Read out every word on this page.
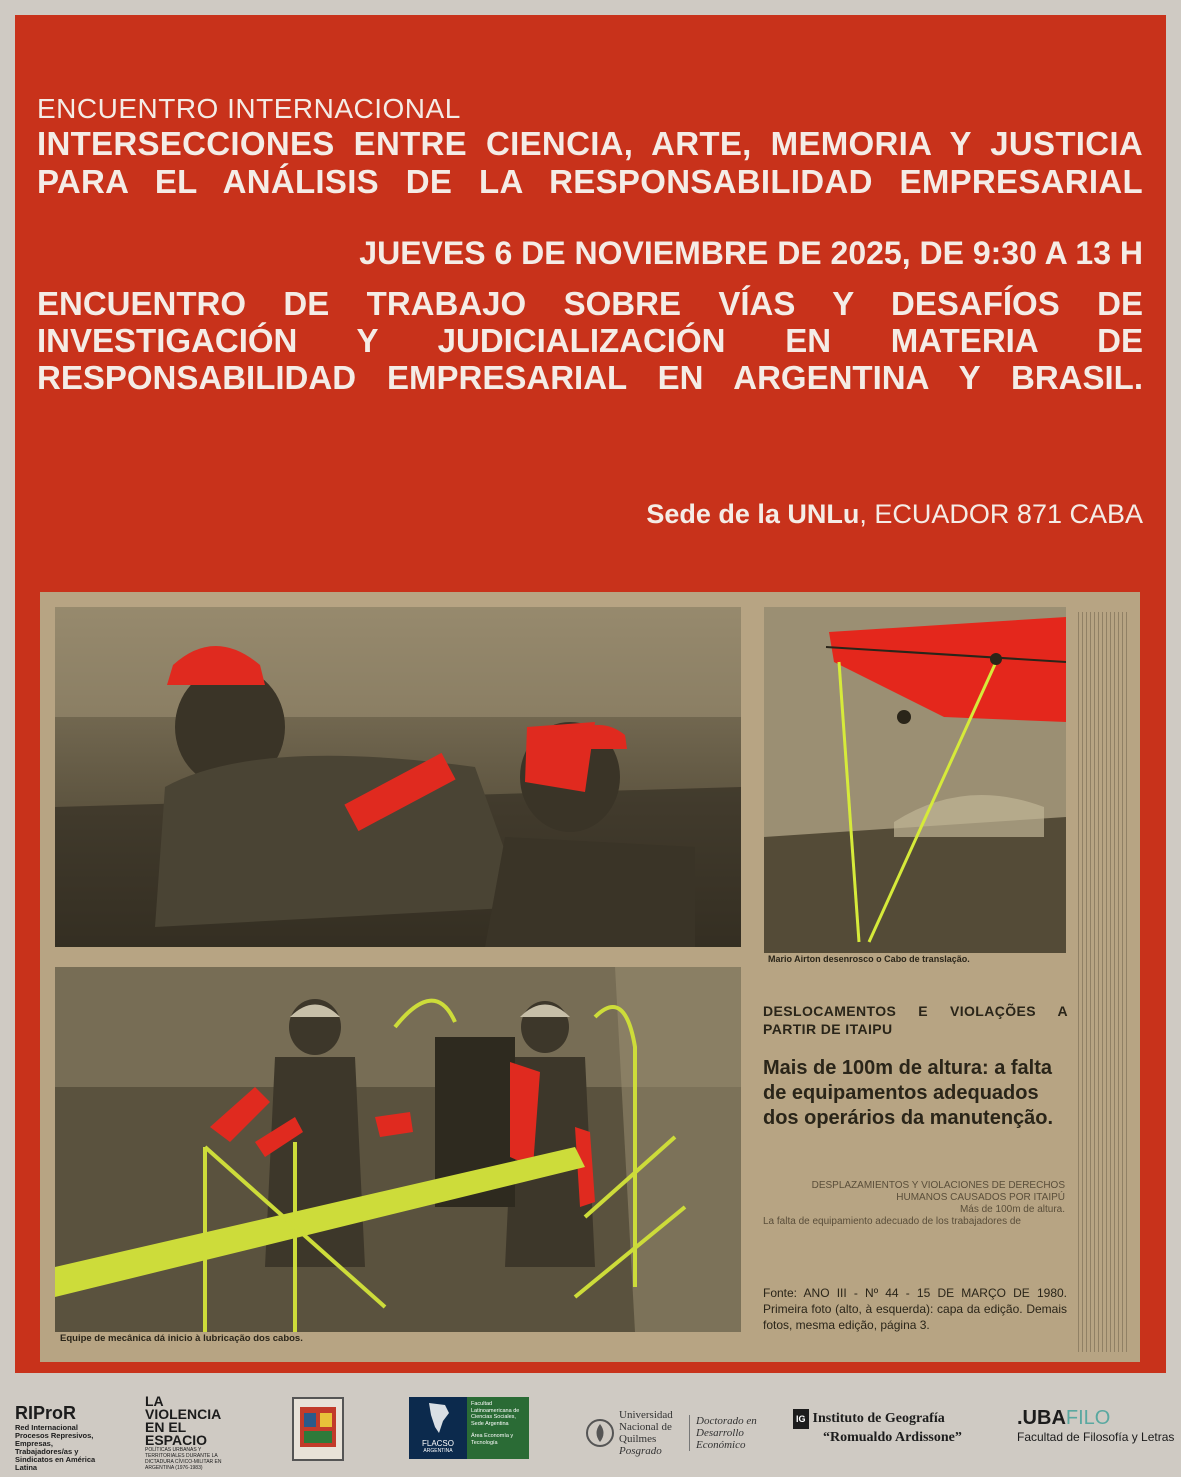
ENCUENTRO INTERNACIONAL
INTERSECCIONES ENTRE CIENCIA, ARTE, MEMORIA Y JUSTICIA
PARA EL ANÁLISIS DE LA RESPONSABILIDAD EMPRESARIAL
JUEVES 6 DE NOVIEMBRE DE 2025, DE 9:30 A 13 H
ENCUENTRO DE TRABAJO SOBRE VÍAS Y DESAFÍOS DE
INVESTIGACIÓN Y JUDICIALIZACIÓN EN MATERIA DE
RESPONSABILIDAD EMPRESARIAL EN ARGENTINA Y BRASIL.
Sede de la UNLu, ECUADOR 871 CABA
Mario Airton desenrosco o Cabo de translação.
Equipe de mecânica dá inicio à lubricação dos cabos.
DESLOCAMENTOS E VIOLAÇÕES A PARTIR DE ITAIPU
Mais de 100m de altura: a falta de equipamentos adequados dos operários da manutenção.
DESPLAZAMIENTOS Y VIOLACIONES DE DERECHOS
HUMANOS CAUSADOS POR ITAIPÚ
Más de 100m de altura.
La falta de equipamiento adecuado de los trabajadores de
Fonte: ANO III - Nº 44 - 15 DE MARÇO DE 1980. Primeira foto (alto, à esquerda): capa da edição. Demais fotos, mesma edição, página 3.
RIProR
Red Internacional Procesos Represivos, Empresas, Trabajadores/as y Sindicatos en América Latina
LA
VIOLENCIA
EN EL
ESPACIO
POLÍTICAS URBANAS Y TERRITORIALES DURANTE LA DICTADURA CÍVICO-MILITAR EN ARGENTINA (1976-1983)
FLACSO
ARGENTINA
Facultad Latinoamericana de Ciencias Sociales, Sede Argentina
Área Economía y Tecnología
Universidad Nacional de Quilmes
Posgrado
Doctorado en Desarrollo Económico
IG Instituto de Geografía
“Romualdo Ardissone”
.UBAFILO
Facultad de Filosofía y Letras
